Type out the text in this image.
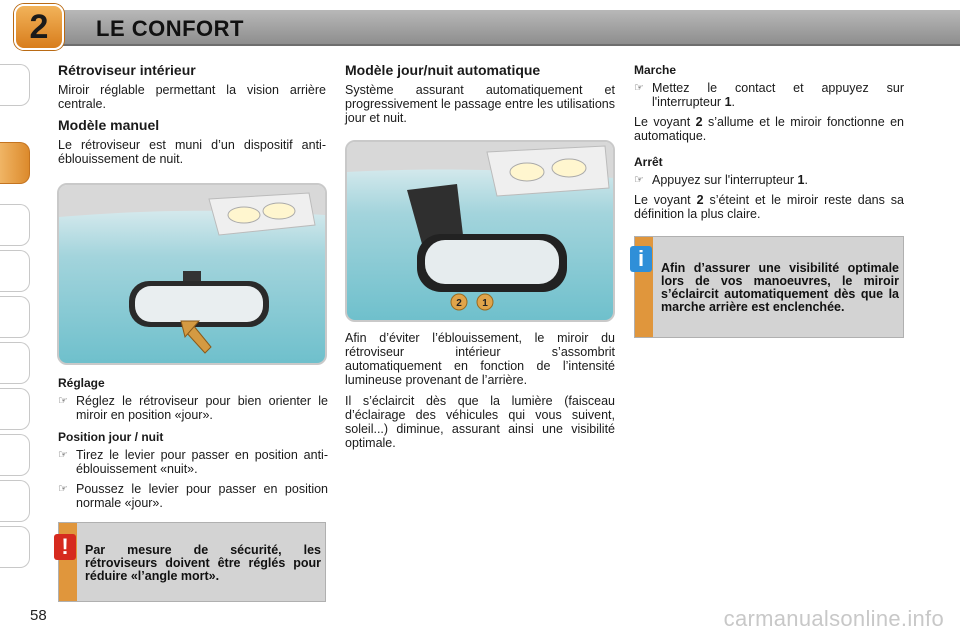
2	LE CONFORT
Rétroviseur intérieur

Miroir réglable permettant la vision arrière centrale.

Modèle manuel

Le rétroviseur est muni d’un dispositif anti-éblouissement de nuit.

Réglage
☞ Réglez le rétroviseur pour bien orienter le miroir en position «jour».
Position jour / nuit
☞ Tirez le levier pour passer en position anti-éblouissement «nuit».
☞ Poussez le levier pour passer en position normale «jour».
Par mesure de sécurité, les rétroviseurs doivent être réglés pour réduire «l’angle mort».
!
Modèle jour/nuit automatique

Système assurant automatiquement et progressivement le passage entre les utilisations jour et nuit.

2 1

Afin d’éviter l’éblouissement, le miroir du rétroviseur intérieur s’assombrit automatiquement en fonction de l’intensité lumineuse provenant de l’arrière.

Il s’éclaircit dès que la lumière (faisceau d’éclairage des véhicules qui vous suivent, soleil...) diminue, assurant ainsi une visibilité optimale.

Marche
☞ Mettez le contact et appuyez sur l'interrupteur 1.

Le voyant 2 s’allume et le miroir fonctionne en automatique.

Arrêt
☞ Appuyez sur l'interrupteur 1.

Le voyant 2 s’éteint et le miroir reste dans sa définition la plus claire.

Afin d’assurer une visibilité optimale lors de vos manoeuvres, le miroir s’éclaircit automatiquement dès que la marche arrière est enclenchée.
i
58	carmanualsonline.info
